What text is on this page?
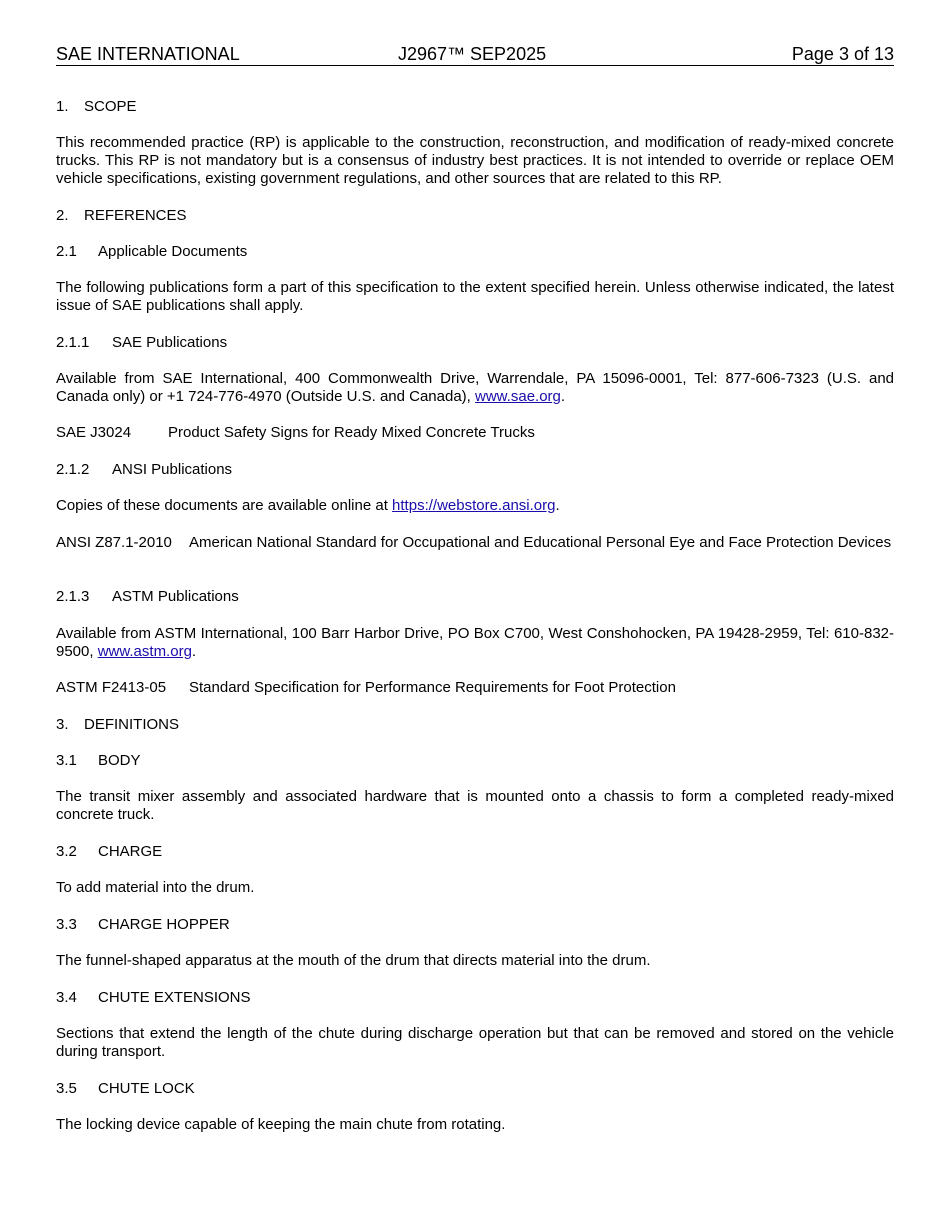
SAE INTERNATIONAL	J2967™ SEP2025	Page 3 of 13
1. SCOPE
This recommended practice (RP) is applicable to the construction, reconstruction, and modification of ready-mixed concrete trucks. This RP is not mandatory but is a consensus of industry best practices. It is not intended to override or replace OEM vehicle specifications, existing government regulations, and other sources that are related to this RP.
2. REFERENCES
2.1 Applicable Documents
The following publications form a part of this specification to the extent specified herein. Unless otherwise indicated, the latest issue of SAE publications shall apply.
2.1.1 SAE Publications
Available from SAE International, 400 Commonwealth Drive, Warrendale, PA 15096-0001, Tel: 877-606-7323 (U.S. and Canada only) or +1 724-776-4970 (Outside U.S. and Canada), www.sae.org.
SAE J3024 Product Safety Signs for Ready Mixed Concrete Trucks
2.1.2 ANSI Publications
Copies of these documents are available online at https://webstore.ansi.org.
ANSI Z87.1-2010 American National Standard for Occupational and Educational Personal Eye and Face Protection Devices
2.1.3 ASTM Publications
Available from ASTM International, 100 Barr Harbor Drive, PO Box C700, West Conshohocken, PA 19428-2959, Tel: 610-832-9500, www.astm.org.
ASTM F2413-05 Standard Specification for Performance Requirements for Foot Protection
3. DEFINITIONS
3.1 BODY
The transit mixer assembly and associated hardware that is mounted onto a chassis to form a completed ready-mixed concrete truck.
3.2 CHARGE
To add material into the drum.
3.3 CHARGE HOPPER
The funnel-shaped apparatus at the mouth of the drum that directs material into the drum.
3.4 CHUTE EXTENSIONS
Sections that extend the length of the chute during discharge operation but that can be removed and stored on the vehicle during transport.
3.5 CHUTE LOCK
The locking device capable of keeping the main chute from rotating.
